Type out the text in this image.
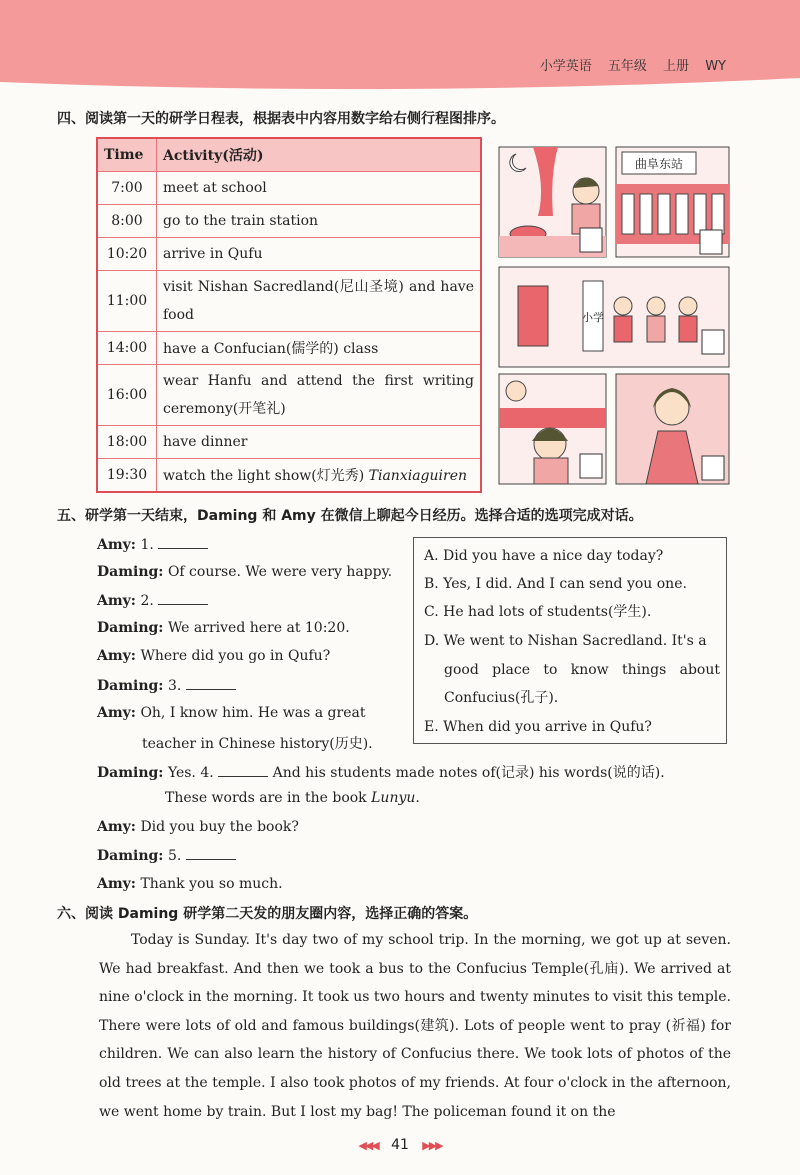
小学英语 五年级 上册 WY
四、阅读第一天的研学日程表，根据表中内容用数字给右侧行程图排序。
Time	Activity(活动)
7:00	meet at school
8:00	go to the train station
10:20	arrive in Qufu
11:00	visit Nishan Sacredland(尼山圣境) and have food
14:00	have a Confucian(儒学的) class
16:00	wear Hanfu and attend the first writing ceremony(开笔礼)
18:00	have dinner
19:30	watch the light show(灯光秀) Tianxiaguiren
曲阜东站
小学
五、研学第一天结束，Daming 和 Amy 在微信上聊起今日经历。选择合适的选项完成对话。
Amy: 1.
Daming: Of course. We were very happy.
Amy: 2.
Daming: We arrived here at 10:20.
Amy: Where did you go in Qufu?
Daming: 3.
Amy: Oh, I know him. He was a great
teacher in Chinese history(历史).
Daming: Yes. 4.	And his students made notes of(记录) his words(说的话).
These words are in the book Lunyu.
Amy: Did you buy the book?
Daming: 5.
Amy: Thank you so much.
A. Did you have a nice day today?
B. Yes, I did. And I can send you one.
C. He had lots of students(学生).
D. We went to Nishan Sacredland. It's a
good place to know things about
Confucius(孔子).
E. When did you arrive in Qufu?
六、阅读 Daming 研学第二天发的朋友圈内容，选择正确的答案。
Today is Sunday. It's day two of my school trip. In the morning, we got up at seven. We had breakfast. And then we took a bus to the Confucius Temple(孔庙). We arrived at nine o'clock in the morning. It took us two hours and twenty minutes to visit this temple. There were lots of old and famous buildings(建筑). Lots of people went to pray (祈福) for children. We can also learn the history of Confucius there. We took lots of photos of the old trees at the temple. I also took photos of my friends. At four o'clock in the afternoon, we went home by train. But I lost my bag! The policeman found it on the
◀◀◀ 41 ▶▶▶
